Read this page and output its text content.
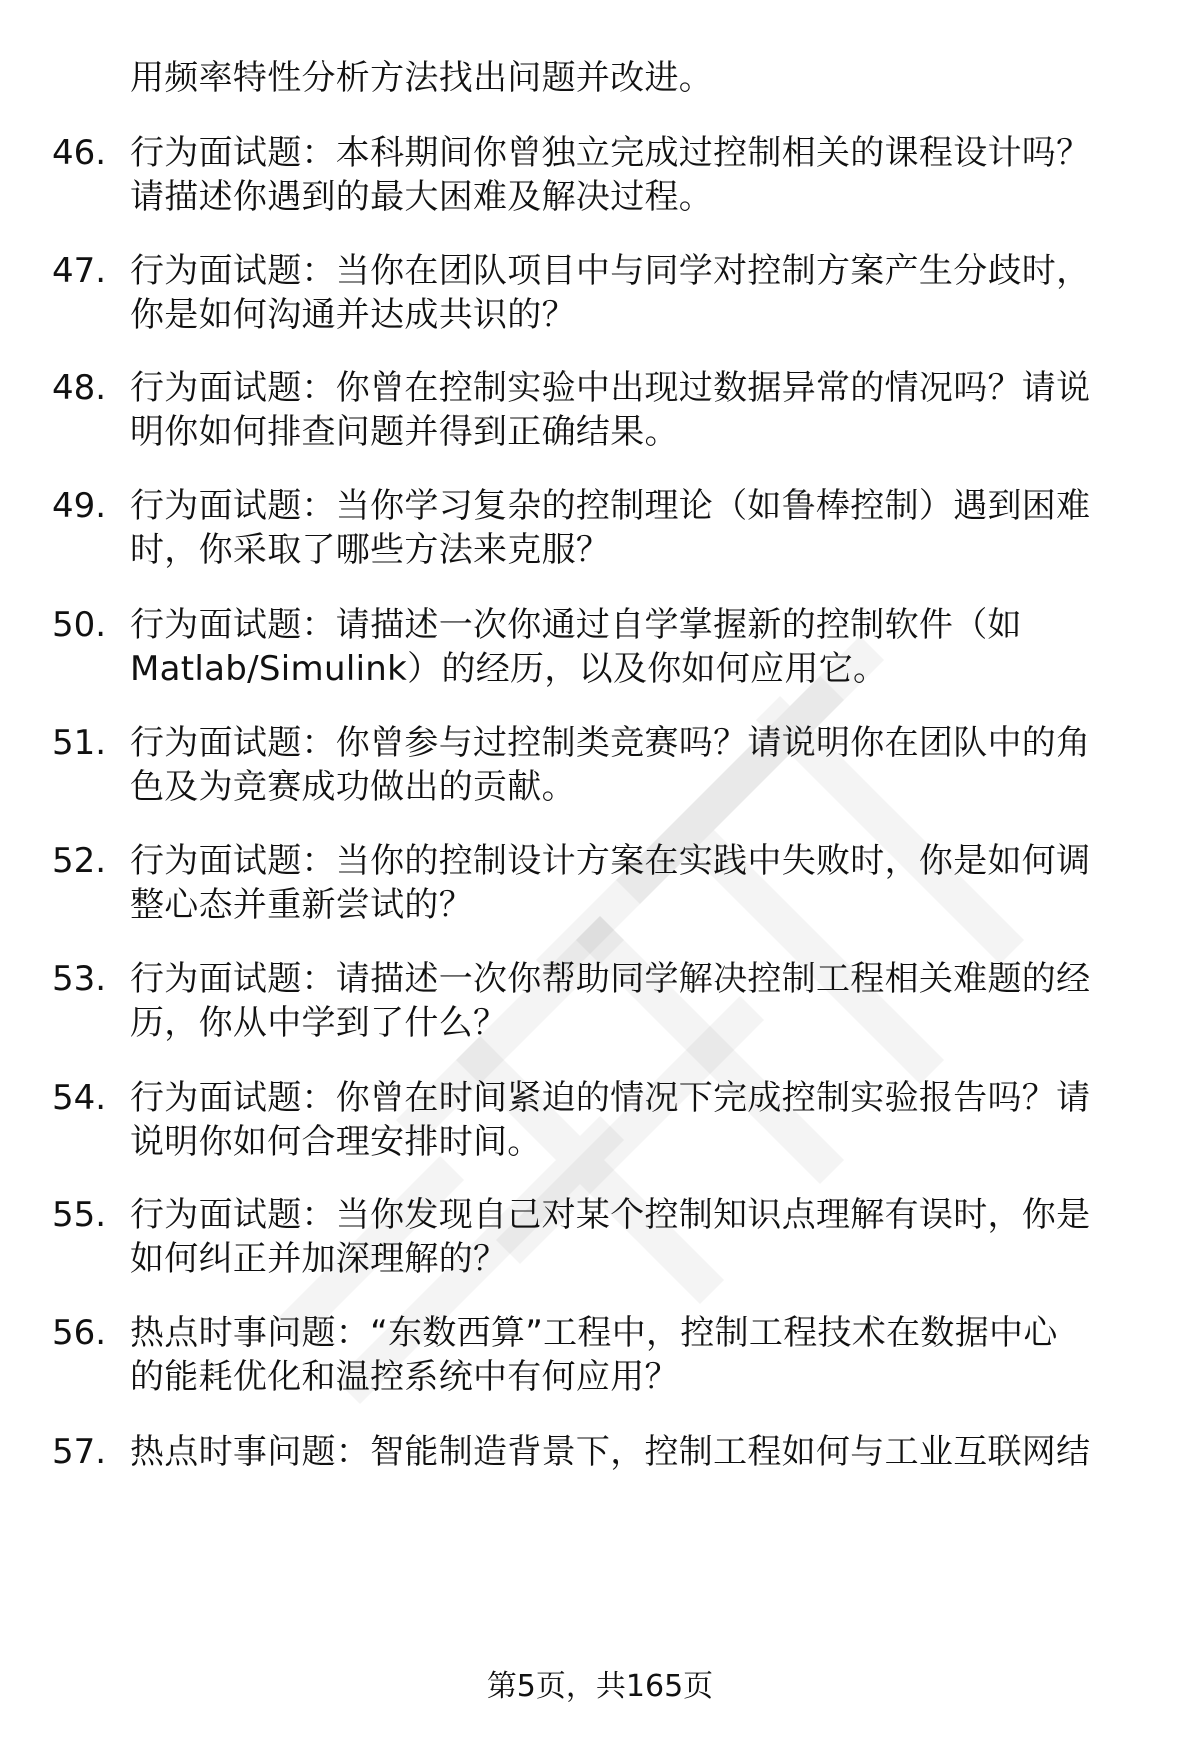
用频率特性分析方法找出问题并改进。
46. 行为面试题：本科期间你曾独立完成过控制相关的课程设计吗？
请描述你遇到的最大困难及解决过程。
47. 行为面试题：当你在团队项目中与同学对控制方案产生分歧时，
你是如何沟通并达成共识的？
48. 行为面试题：你曾在控制实验中出现过数据异常的情况吗？请说
明你如何排查问题并得到正确结果。
49. 行为面试题：当你学习复杂的控制理论（如鲁棒控制）遇到困难
时，你采取了哪些方法来克服？
50. 行为面试题：请描述一次你通过自学掌握新的控制软件（如
Matlab/Simulink）的经历，以及你如何应用它。
51. 行为面试题：你曾参与过控制类竞赛吗？请说明你在团队中的角
色及为竞赛成功做出的贡献。
52. 行为面试题：当你的控制设计方案在实践中失败时，你是如何调
整心态并重新尝试的？
53. 行为面试题：请描述一次你帮助同学解决控制工程相关难题的经
历，你从中学到了什么？
54. 行为面试题：你曾在时间紧迫的情况下完成控制实验报告吗？请
说明你如何合理安排时间。
55. 行为面试题：当你发现自己对某个控制知识点理解有误时，你是
如何纠正并加深理解的？
56. 热点时事问题：“东数西算”工程中，控制工程技术在数据中心
的能耗优化和温控系统中有何应用？
57. 热点时事问题：智能制造背景下，控制工程如何与工业互联网结
第5页，共165页
